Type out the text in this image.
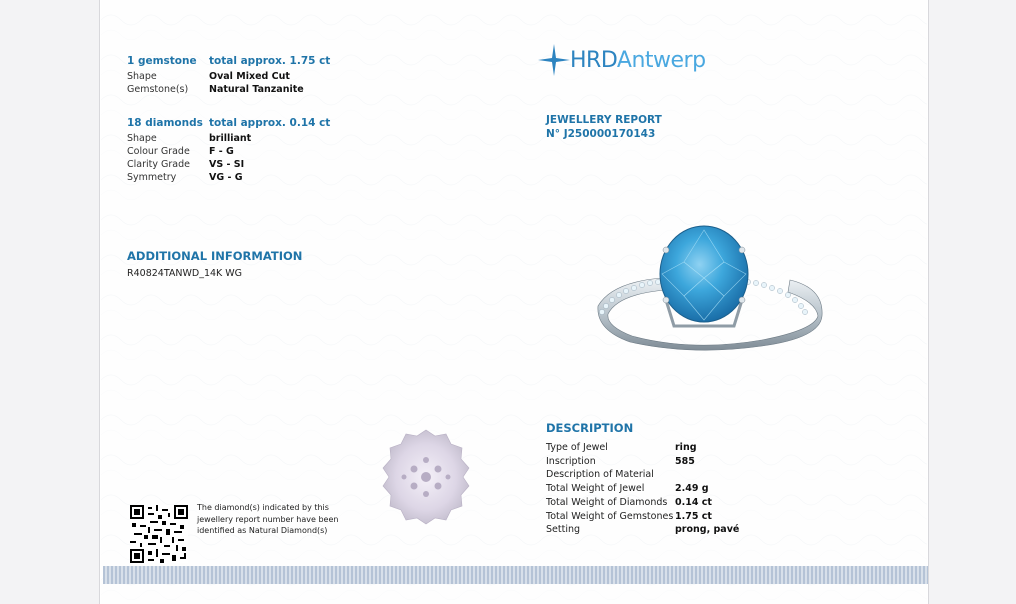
1 gemstone	total approx. 1.75 ct
Shape	Oval Mixed Cut
Gemstone(s)	Natural Tanzanite
18 diamonds total approx. 0.14 ct
Shape	brilliant
Colour Grade	F - G
Clarity Grade	VS - SI
Symmetry	VG - G
ADDITIONAL INFORMATION
R40824TANWD_14K WG
HRDAntwerp
JEWELLERY REPORT
N° J250000170143
DESCRIPTION
Type of Jewel	ring
Inscription	585
Description of Material
Total Weight of Jewel	2.49 g
Total Weight of Diamonds 0.14 ct
Total Weight of Gemstones 1.75 ct
Setting	prong, pavé
The diamond(s) indicated by this jewellery report number have been identified as Natural Diamond(s)
